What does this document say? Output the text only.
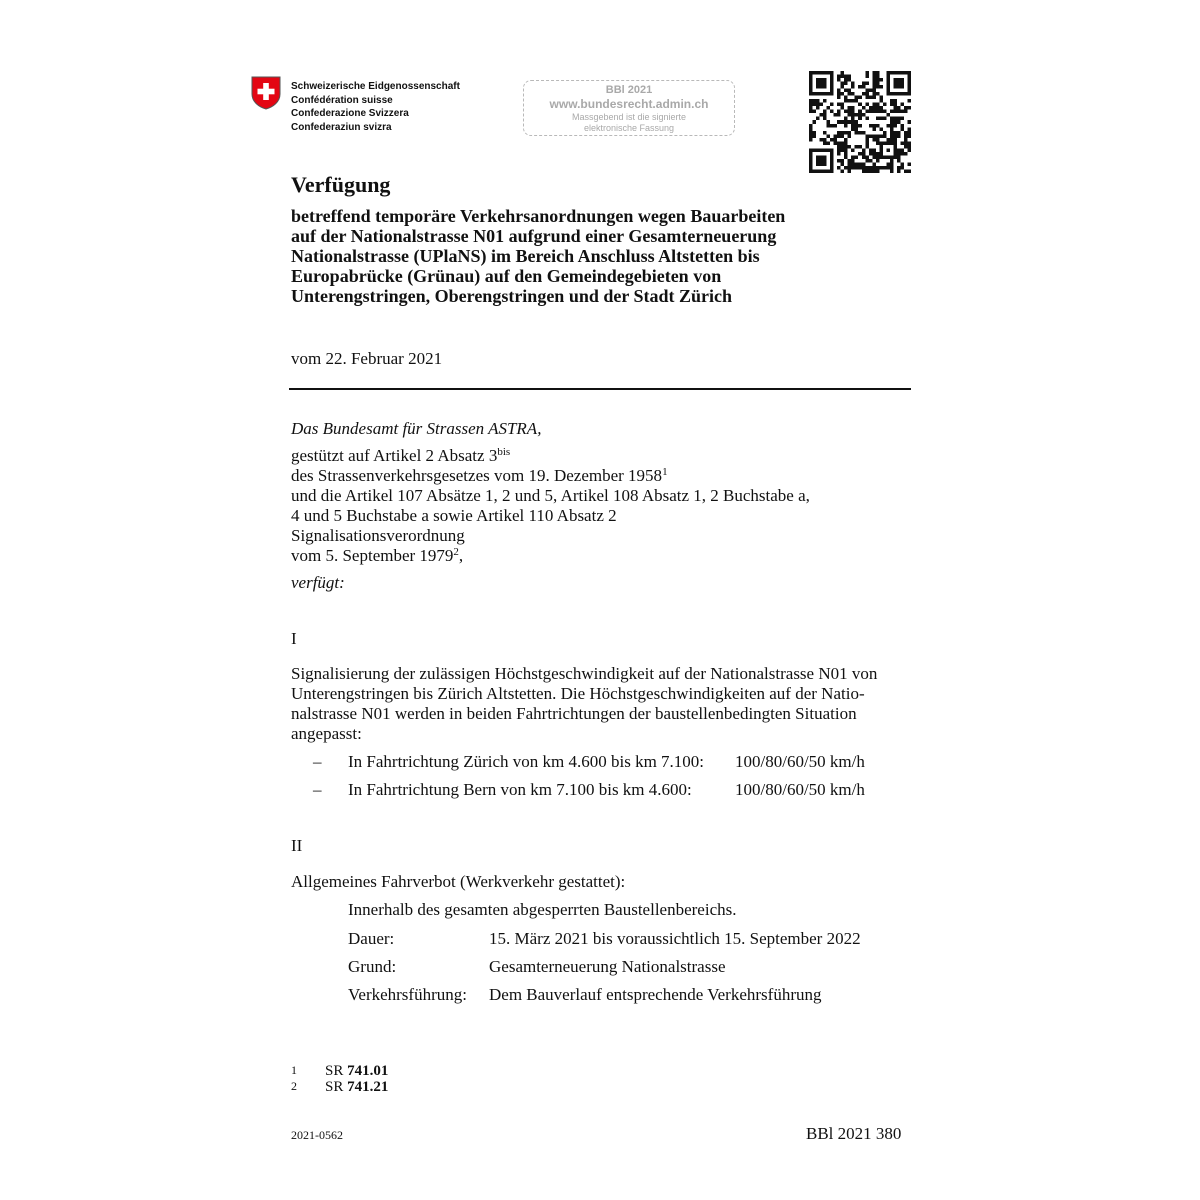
Schweizerische Eidgenossenschaft
Confédération suisse
Confederazione Svizzera
Confederaziun svizra
BBl 2021
www.bundesrecht.admin.ch
Massgebend ist die signierte
elektronische Fassung
Verfügung
betreffend temporäre Verkehrsanordnungen wegen Bauarbeiten
auf der Nationalstrasse N01 aufgrund einer Gesamterneuerung
Nationalstrasse (UPlaNS) im Bereich Anschluss Altstetten bis
Europabrücke (Grünau) auf den Gemeindegebieten von
Unterengstringen, Oberengstringen und der Stadt Zürich
vom 22. Februar 2021
Das Bundesamt für Strassen ASTRA,
gestützt auf Artikel 2 Absatz $3^{bis}$
des Strassenverkehrsgesetzes vom 19. Dezember 1958$^1$
und die Artikel 107 Absätze 1, 2 und 5, Artikel 108 Absatz 1, 2 Buchstabe a,
4 und 5 Buchstabe a sowie Artikel 110 Absatz 2
Signalisationsverordnung
vom 5. September 1979$^2$,
verfügt:
I
Signalisierung der zulässigen Höchstgeschwindigkeit auf der Nationalstrasse N01 von
Unterengstringen bis Zürich Altstetten. Die Höchstgeschwindigkeiten auf der Natio-
nalstrasse N01 werden in beiden Fahrtrichtungen der baustellenbedingten Situation
angepasst:
– In Fahrtrichtung Zürich von km 4.600 bis km 7.100: 100/80/60/50 km/h
– In Fahrtrichtung Bern von km 7.100 bis km 4.600:	100/80/60/50 km/h
II
Allgemeines Fahrverbot (Werkverkehr gestattet):
Innerhalb des gesamten abgesperrten Baustellenbereichs.
Dauer:	15. März 2021 bis voraussichtlich 15. September 2022
Grund:	Gesamterneuerung Nationalstrasse
Verkehrsführung: Dem Bauverlauf entsprechende Verkehrsführung
1 SR 741.01
2 SR 741.21
2021-0562	BBl 2021 380
